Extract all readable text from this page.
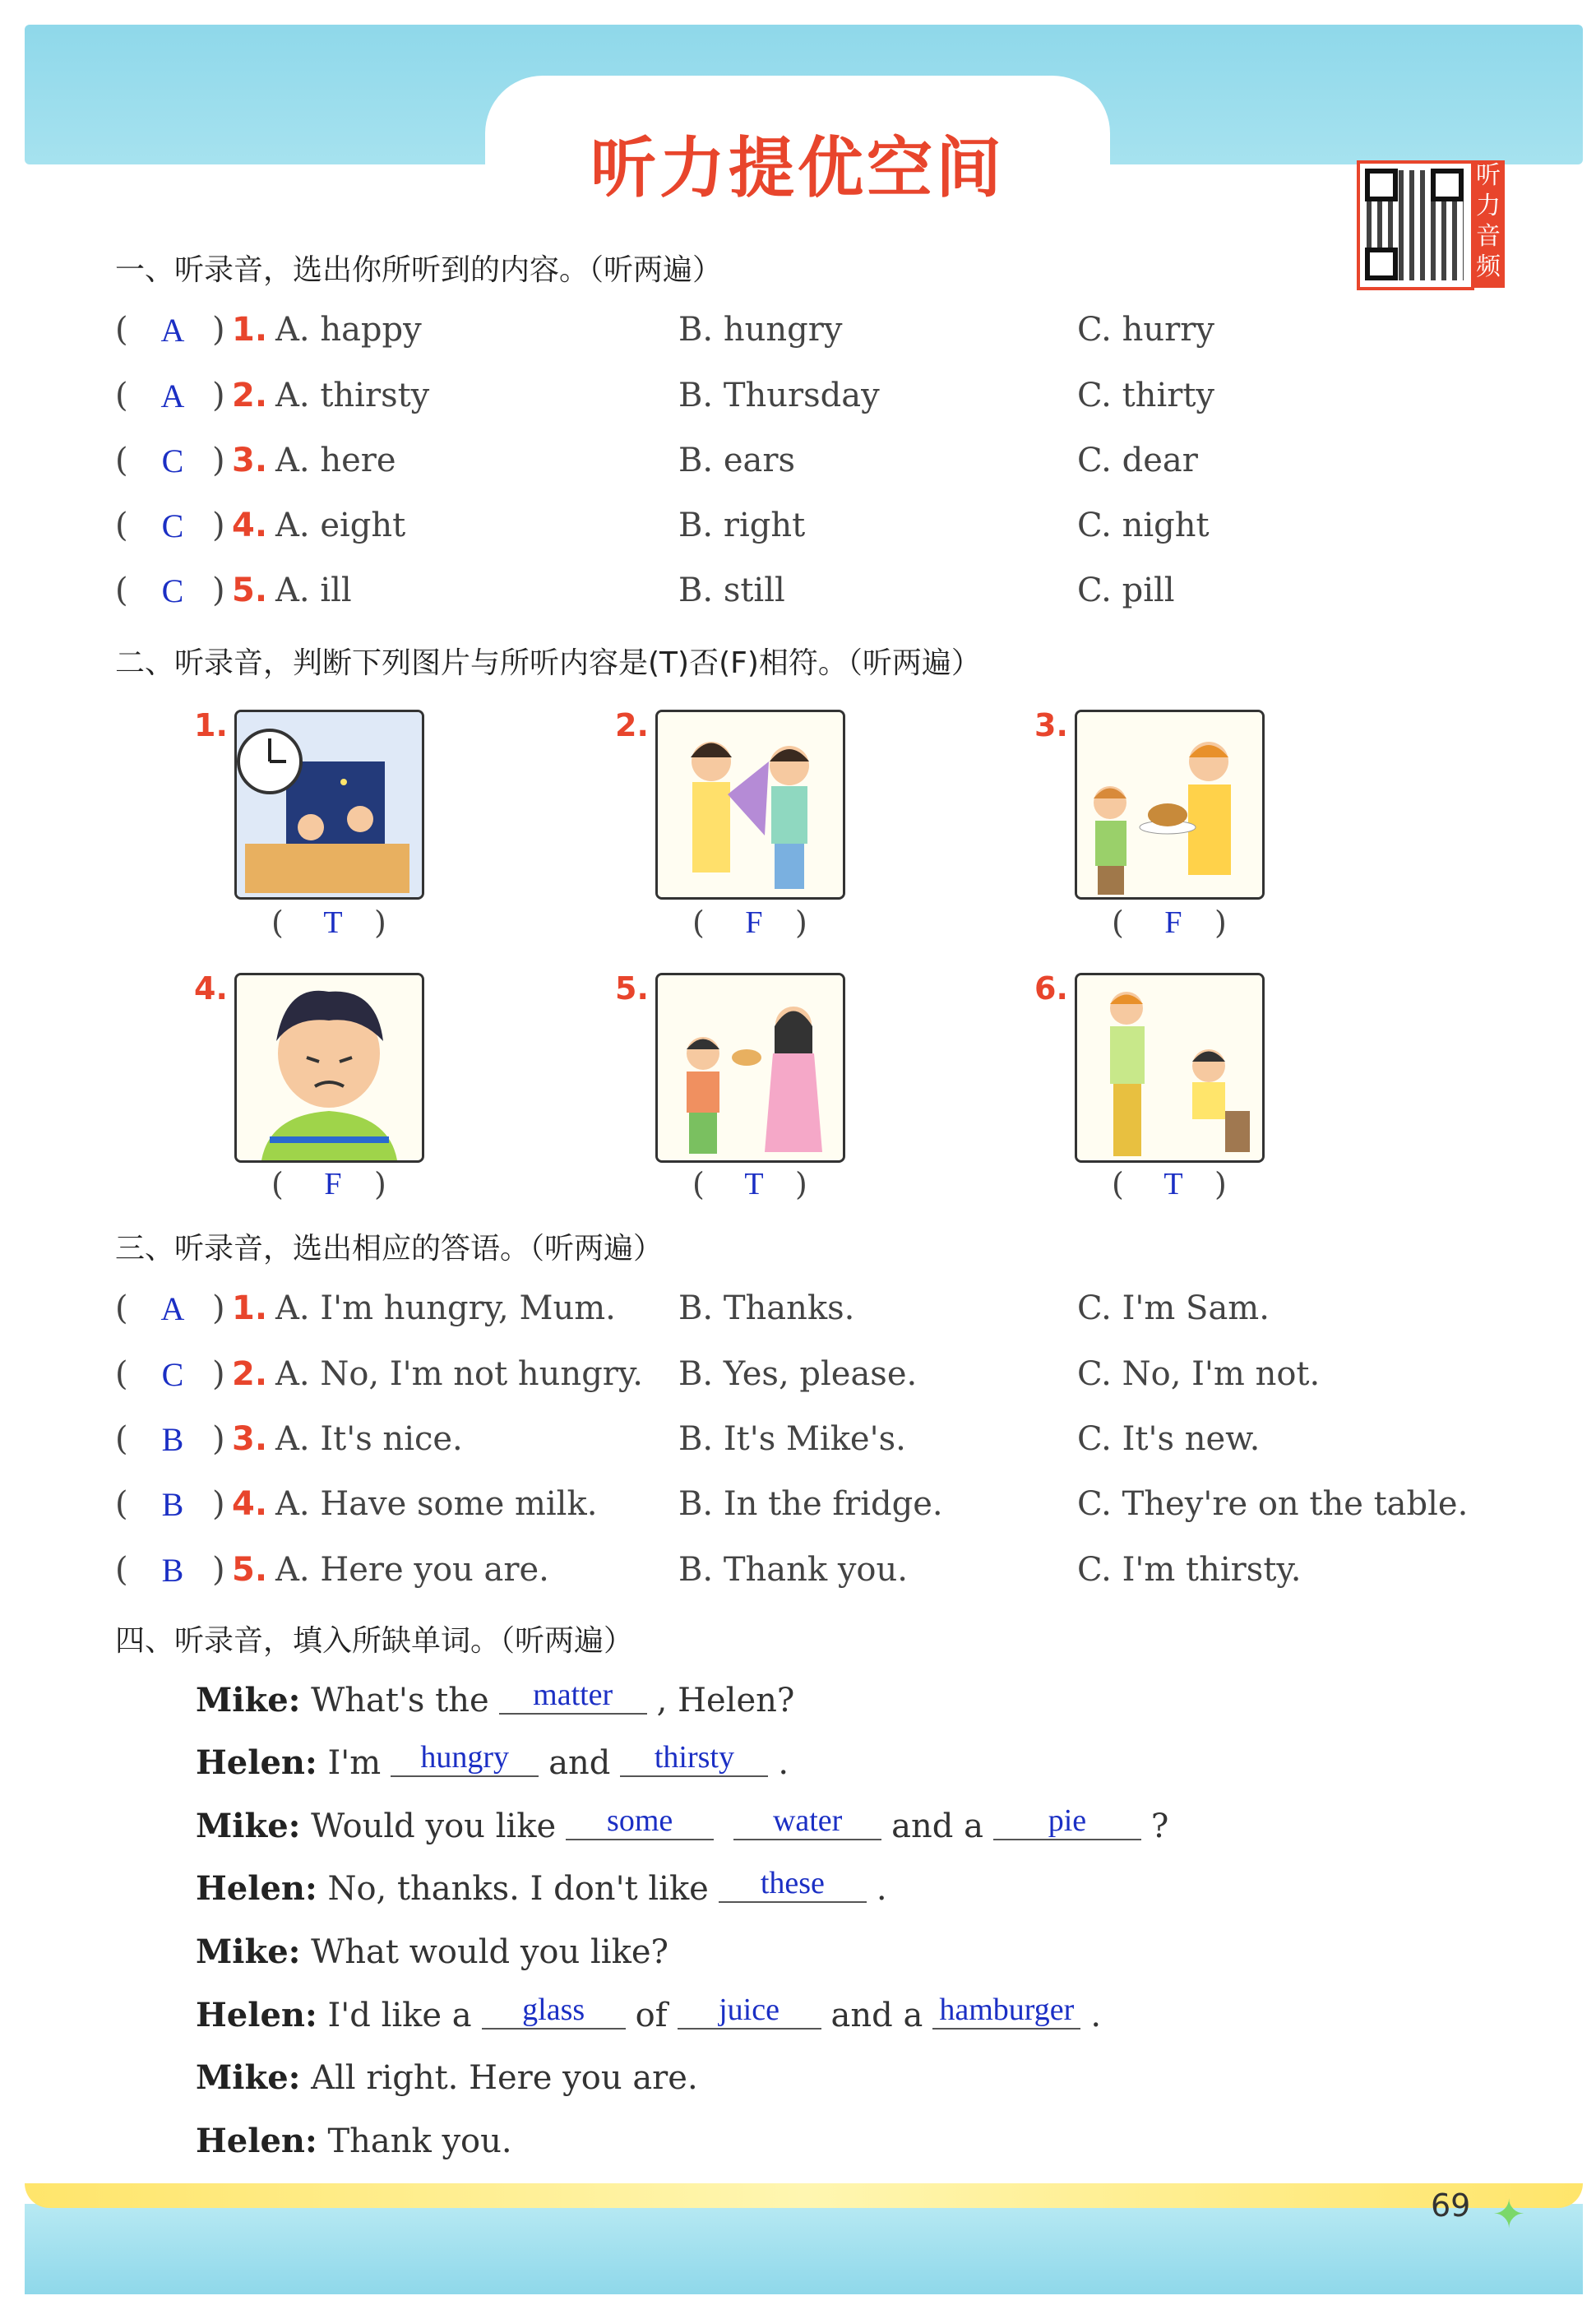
听力提优空间	听力音频
一、听录音，选出你所听到的内容。（听两遍）
( A ) 1. A. happy	B. hungry	C. hurry
( A ) 2. A. thirsty	B. Thursday	C. thirty
( C ) 3. A. here	B. ears	C. dear
( C ) 4. A. eight	B. right	C. night
( C ) 5. A. ill	B. still	C. pill
二、听录音，判断下列图片与所听内容是(T)否(F)相符。（听两遍）
1.
( T )
2.
( F )
3.
( F )
4.
( F )
5.
( T )
6.
( T )
三、听录音，选出相应的答语。（听两遍）
( A ) 1. A. I'm hungry, Mum. B. Thanks.	C. I'm Sam.
( C ) 2. A. No, I'm not hungry. B. Yes, please.	C. No, I'm not.
( B ) 3. A. It's nice.	B. It's Mike's.	C. It's new.
( B ) 4. A. Have some milk. B. In the fridge.	C. They're on the table.
( B ) 5. A. Here you are.	B. Thank you.	C. I'm thirsty.
四、听录音，填入所缺单词。（听两遍）
Mike: What's the matter , Helen?
Helen: I'm hungry and thirsty .
Mike: Would you like some	water and a pie ?
Helen: No, thanks. I don't like these .
Mike: What would you like?
Helen: I'd like a glass of juice and a hamburger .
Mike: All right. Here you are.
Helen: Thank you.
69 ✦
